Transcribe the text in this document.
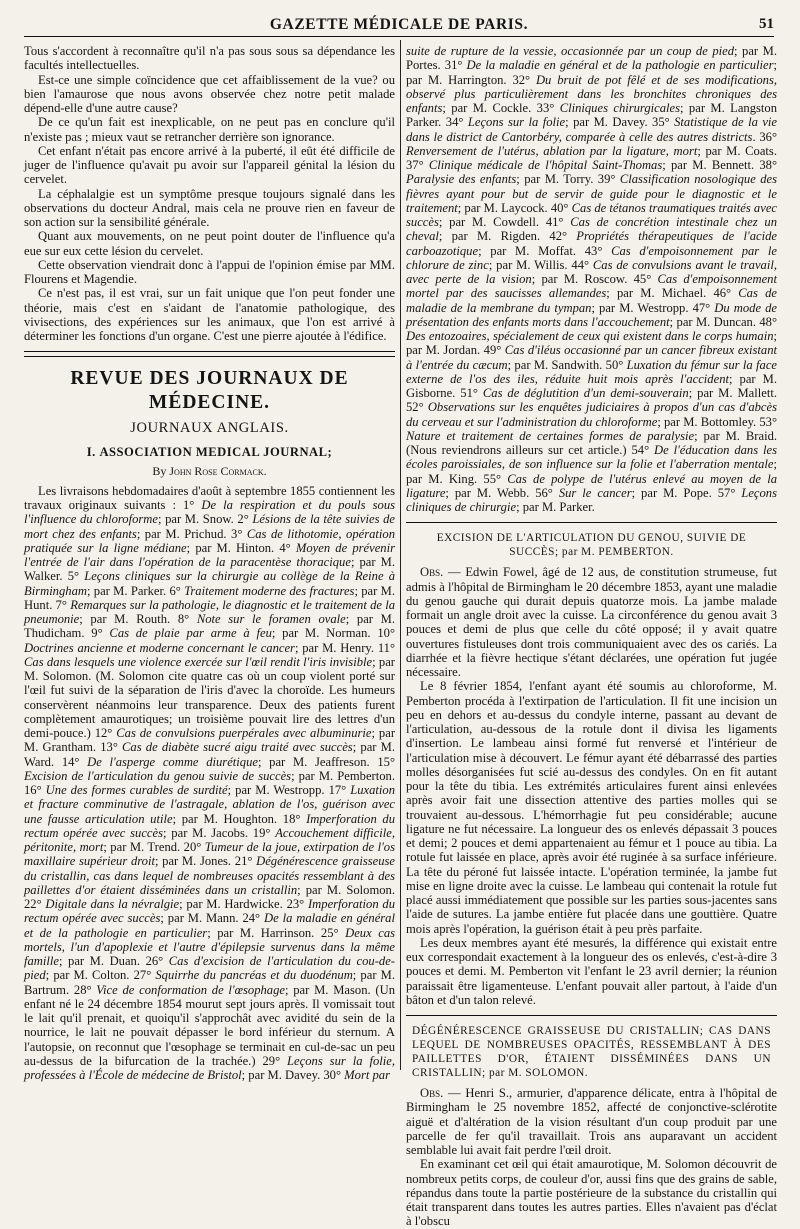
GAZETTE MÉDICALE DE PARIS.	51

Tous s'accordent à reconnaître qu'il n'a pas sous sous sa dépendance les facultés intellectuelles.

Est-ce une simple coïncidence que cet affaiblissement de la vue? ou bien l'amaurose que nous avons observée chez notre petit malade dépend-elle d'une autre cause?

De ce qu'un fait est inexplicable, on ne peut pas en conclure qu'il n'existe pas ; mieux vaut se retrancher derrière son ignorance.

Cet enfant n'était pas encore arrivé à la puberté, il eût été difficile de juger de l'influence qu'avait pu avoir sur l'appareil génital la lésion du cervelet.

La céphalalgie est un symptôme presque toujours signalé dans les observations du docteur Andral, mais cela ne prouve rien en faveur de son action sur la sensibilité générale.

Quant aux mouvements, on ne peut point douter de l'influence qu'a eue sur eux cette lésion du cervelet.

Cette observation viendrait donc à l'appui de l'opinion émise par MM. Flourens et Magendie.

Ce n'est pas, il est vrai, sur un fait unique que l'on peut fonder une théorie, mais c'est en s'aidant de l'anatomie pathologique, des vivisections, des expériences sur les animaux, que l'on est arrivé à déterminer les fonctions d'un organe. C'est une pierre ajoutée à l'édifice.

REVUE DES JOURNAUX DE MÉDECINE.
JOURNAUX ANGLAIS.
I. ASSOCIATION MEDICAL JOURNAL;
By John Rose Cormack.

Les livraisons hebdomadaires d'août à septembre 1855 contiennent les travaux originaux suivants : 1° De la respiration et du pouls sous l'influence du chloroforme; par M. Snow. 2° Lésions de la tête suivies de mort chez des enfants; par M. Prichud. 3° Cas de lithotomie, opération pratiquée sur la ligne médiane; par M. Hinton. 4° Moyen de prévenir l'entrée de l'air dans l'opération de la paracentèse thoracique; par M. Walker. 5° Leçons cliniques sur la chirurgie au collège de la Reine à Birmingham; par M. Parker. 6° Traitement moderne des fractures; par M. Hunt. 7° Remarques sur la pathologie, le diagnostic et le traitement de la pneumonie; par M. Routh. 8° Note sur le foramen ovale; par M. Thudicham. 9° Cas de plaie par arme à feu; par M. Norman. 10° Doctrines ancienne et moderne concernant le cancer; par M. Henry. 11° Cas dans lesquels une violence exercée sur l'œil rendit l'iris invisible; par M. Solomon. (M. Solomon cite quatre cas où un coup violent porté sur l'œil fut suivi de la séparation de l'iris d'avec la choroïde. Les humeurs conservèrent néanmoins leur transparence. Deux des patients furent complètement amaurotiques; un troisième pouvait lire des lettres d'un demi-pouce.) 12° Cas de convulsions puerpérales avec albuminurie; par M. Grantham. 13° Cas de diabète sucré aigu traité avec succès; par M. Ward. 14° De l'asperge comme diurétique; par M. Jeaffreson. 15° Excision de l'articulation du genou suivie de succès; par M. Pemberton. 16° Une des formes curables de surdité; par M. Westropp. 17° Luxation et fracture comminutive de l'astragale, ablation de l'os, guérison avec une fausse articulation utile; par M. Houghton. 18° Imperforation du rectum opérée avec succès; par M. Jacobs. 19° Accouchement difficile, péritonite, mort; par M. Trend. 20° Tumeur de la joue, extirpation de l'os maxillaire supérieur droit; par M. Jones. 21° Dégénérescence graisseuse du cristallin, cas dans lequel de nombreuses opacités ressemblant à des paillettes d'or étaient disséminées dans un cristallin; par M. Solomon. 22° Digitale dans la névralgie; par M. Hardwicke. 23° Imperforation du rectum opérée avec succès; par M. Mann. 24° De la maladie en général et de la pathologie en particulier; par M. Harrinson. 25° Deux cas mortels, l'un d'apoplexie et l'autre d'épilepsie survenus dans la même famille; par M. Duan. 26° Cas d'excision de l'articulation du cou-de-pied; par M. Colton. 27° Squirrhe du pancréas et du duodénum; par M. Bartrum. 28° Vice de conformation de l'œsophage; par M. Mason. (Un enfant né le 24 décembre 1854 mourut sept jours après. Il vomissait tout le lait qu'il prenait, et quoiqu'il s'approchât avec avidité du sein de la nourrice, le lait ne pouvait dépasser le bord inférieur du sternum. A l'autopsie, on reconnut que l'œsophage se terminait en cul-de-sac un peu au-dessus de la bifurcation de la trachée.) 29° Leçons sur la folie, professées à l'École de médecine de Bristol; par M. Davey. 30° Mort par

suite de rupture de la vessie, occasionnée par un coup de pied; par M. Portes. 31° De la maladie en général et de la pathologie en particulier; par M. Harrington. 32° Du bruit de pot fêlé et de ses modifications, observé plus particulièrement dans les bronchites chroniques des enfants; par M. Cockle. 33° Cliniques chirurgicales; par M. Langston Parker. 34° Leçons sur la folie; par M. Davey. 35° Statistique de la vie dans le district de Cantorbéry, comparée à celle des autres districts. 36° Renversement de l'utérus, ablation par la ligature, mort; par M. Coats. 37° Clinique médicale de l'hôpital Saint-Thomas; par M. Bennett. 38° Paralysie des enfants; par M. Torry. 39° Classification nosologique des fièvres ayant pour but de servir de guide pour le diagnostic et le traitement; par M. Laycock. 40° Cas de tétanos traumatiques traités avec succès; par M. Cowdell. 41° Cas de concrétion intestinale chez un cheval; par M. Rigden. 42° Propriétés thérapeutiques de l'acide carboazotique; par M. Moffat. 43° Cas d'empoisonnement par le chlorure de zinc; par M. Willis. 44° Cas de convulsions avant le travail, avec perte de la vision; par M. Roscow. 45° Cas d'empoisonnement mortel par des saucisses allemandes; par M. Michael. 46° Cas de maladie de la membrane du tympan; par M. Westropp. 47° Du mode de présentation des enfants morts dans l'accouchement; par M. Duncan. 48° Des entozoaires, spécialement de ceux qui existent dans le corps humain; par M. Jordan. 49° Cas d'iléus occasionné par un cancer fibreux existant à l'entrée du cæcum; par M. Sandwith. 50° Luxation du fémur sur la face externe de l'os des iles, réduite huit mois après l'accident; par M. Gisborne. 51° Cas de déglutition d'un demi-souverain; par M. Mallett. 52° Observations sur les enquêtes judiciaires à propos d'un cas d'abcès du cerveau et sur l'administration du chloroforme; par M. Bottomley. 53° Nature et traitement de certaines formes de paralysie; par M. Braid. (Nous reviendrons ailleurs sur cet article.) 54° De l'éducation dans les écoles paroissiales, de son influence sur la folie et l'aberration mentale; par M. King. 55° Cas de polype de l'utérus enlevé au moyen de la ligature; par M. Webb. 56° Sur le cancer; par M. Pope. 57° Leçons cliniques de chirurgie; par M. Parker.

EXCISION DE L'ARTICULATION DU GENOU, SUIVIE DE SUCCÈS; par M. PEMBERTON.

Obs. — Edwin Fowel, âgé de 12 aus, de constitution strumeuse, fut admis à l'hôpital de Birmingham le 20 décembre 1853, ayant une maladie du genou gauche qui durait depuis quatorze mois. La jambe malade formait un angle droit avec la cuisse. La circonférence du genou avait 3 pouces et demi de plus que celle du côté opposé; il y avait quatre ouvertures fistuleuses dont trois communiquaient avec des os cariés. La diarrhée et la fièvre hectique s'étant déclarées, une opération fut jugée nécessaire.

Le 8 février 1854, l'enfant ayant été soumis au chloroforme, M. Pemberton procéda à l'extirpation de l'articulation. Il fit une incision un peu en dehors et au-dessus du condyle interne, passant au devant de l'articulation, au-dessous de la rotule dont il divisa les ligaments d'insertion. Le lambeau ainsi formé fut renversé et l'intérieur de l'articulation mise à découvert. Le fémur ayant été débarrassé des parties molles désorganisées fut scié au-dessus des condyles. On en fit autant pour la tête du tibia. Les extrémités articulaires furent ainsi enlevées après avoir fait une dissection attentive des parties molles qui se trouvaient au-dessous. L'hémorrhagie fut peu considérable; aucune ligature ne fut nécessaire. La longueur des os enlevés dépassait 3 pouces et demi; 2 pouces et demi appartenaient au fémur et 1 pouce au tibia. La rotule fut laissée en place, après avoir été ruginée à sa surface inférieure. La tête du péroné fut laissée intacte. L'opération terminée, la jambe fut mise en ligne droite avec la cuisse. Le lambeau qui contenait la rotule fut placé aussi immédiatement que possible sur les parties sous-jacentes sans l'aide de sutures. La jambe entière fut placée dans une gouttière. Quatre mois après l'opération, la guérison était à peu près parfaite.

Les deux membres ayant été mesurés, la différence qui existait entre eux correspondait exactement à la longueur des os enlevés, c'est-à-dire 3 pouces et demi. M. Pemberton vit l'enfant le 23 avril dernier; la réunion paraissait être ligamenteuse. L'enfant pouvait aller partout, à l'aide d'un bâton et d'un talon relevé.

DÉGÉNÉRESCENCE GRAISSEUSE DU CRISTALLIN; CAS DANS LEQUEL DE NOMBREUSES OPACITÉS, RESSEMBLANT À DES PAILLETTES D'OR, ÉTAIENT DISSÉMINÉES DANS UN CRISTALLIN; par M. SOLOMON.

Obs. — Henri S., armurier, d'apparence délicate, entra à l'hôpital de Birmingham le 25 novembre 1852, affecté de conjonctive-sclérotite aiguë et d'altération de la vision résultant d'un coup produit par une parcelle de fer qu'il travaillait. Trois ans auparavant un accident semblable lui avait fait perdre l'œil droit.

En examinant cet œil qui était amaurotique, M. Solomon découvrit de nombreux petits corps, de couleur d'or, aussi fins que des grains de sable, répandus dans toute la partie postérieure de la substance du cristallin qui était transparent dans toutes les autres parties. Elles n'avaient pas d'éclat à l'obscu
